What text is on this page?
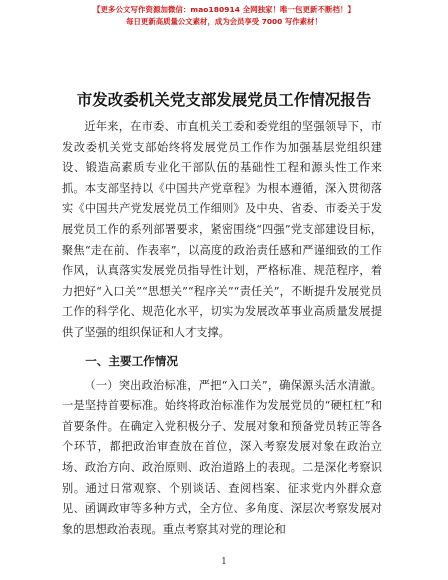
【更多公文写作资源加微信：mao180914 全网独家！唯一包更新不断档！】
每日更新高质量公文素材，成为会员享受 7000 写作素材！
市发改委机关党支部发展党员工作情况报告

近年来，在市委、市直机关工委和委党组的坚强领导下，市发改委机关党支部始终将发展党员工作作为加强基层党组织建设、锻造高素质专业化干部队伍的基础性工程和源头性工作来抓。本支部坚持以《中国共产党章程》为根本遵循，深入贯彻落实《中国共产党发展党员工作细则》及中央、省委、市委关于发展党员工作的系列部署要求，紧密围绕“四强”党支部建设目标，聚焦“走在前、作表率”，以高度的政治责任感和严谨细致的工作作风，认真落实发展党员指导性计划，严格标准、规范程序，着力把好“入口关”“思想关”“程序关”“责任关”，不断提升发展党员工作的科学化、规范化水平，切实为发展改革事业高质量发展提供了坚强的组织保证和人才支撑。

一、主要工作情况

（一）突出政治标准，严把“入口关”，确保源头活水清澈。一是坚持首要标准。始终将政治标准作为发展党员的“硬杠杠”和首要条件。在确定入党积极分子、发展对象和预备党员转正等各个环节，都把政治审查放在首位，深入考察发展对象在政治立场、政治方向、政治原则、政治道路上的表现。二是深化考察识别。通过日常观察、个别谈话、查阅档案、征求党内外群众意见、函调政审等多种方式，全方位、多角度、深层次考察发展对象的思想政治表现。重点考察其对党的理论和

1
